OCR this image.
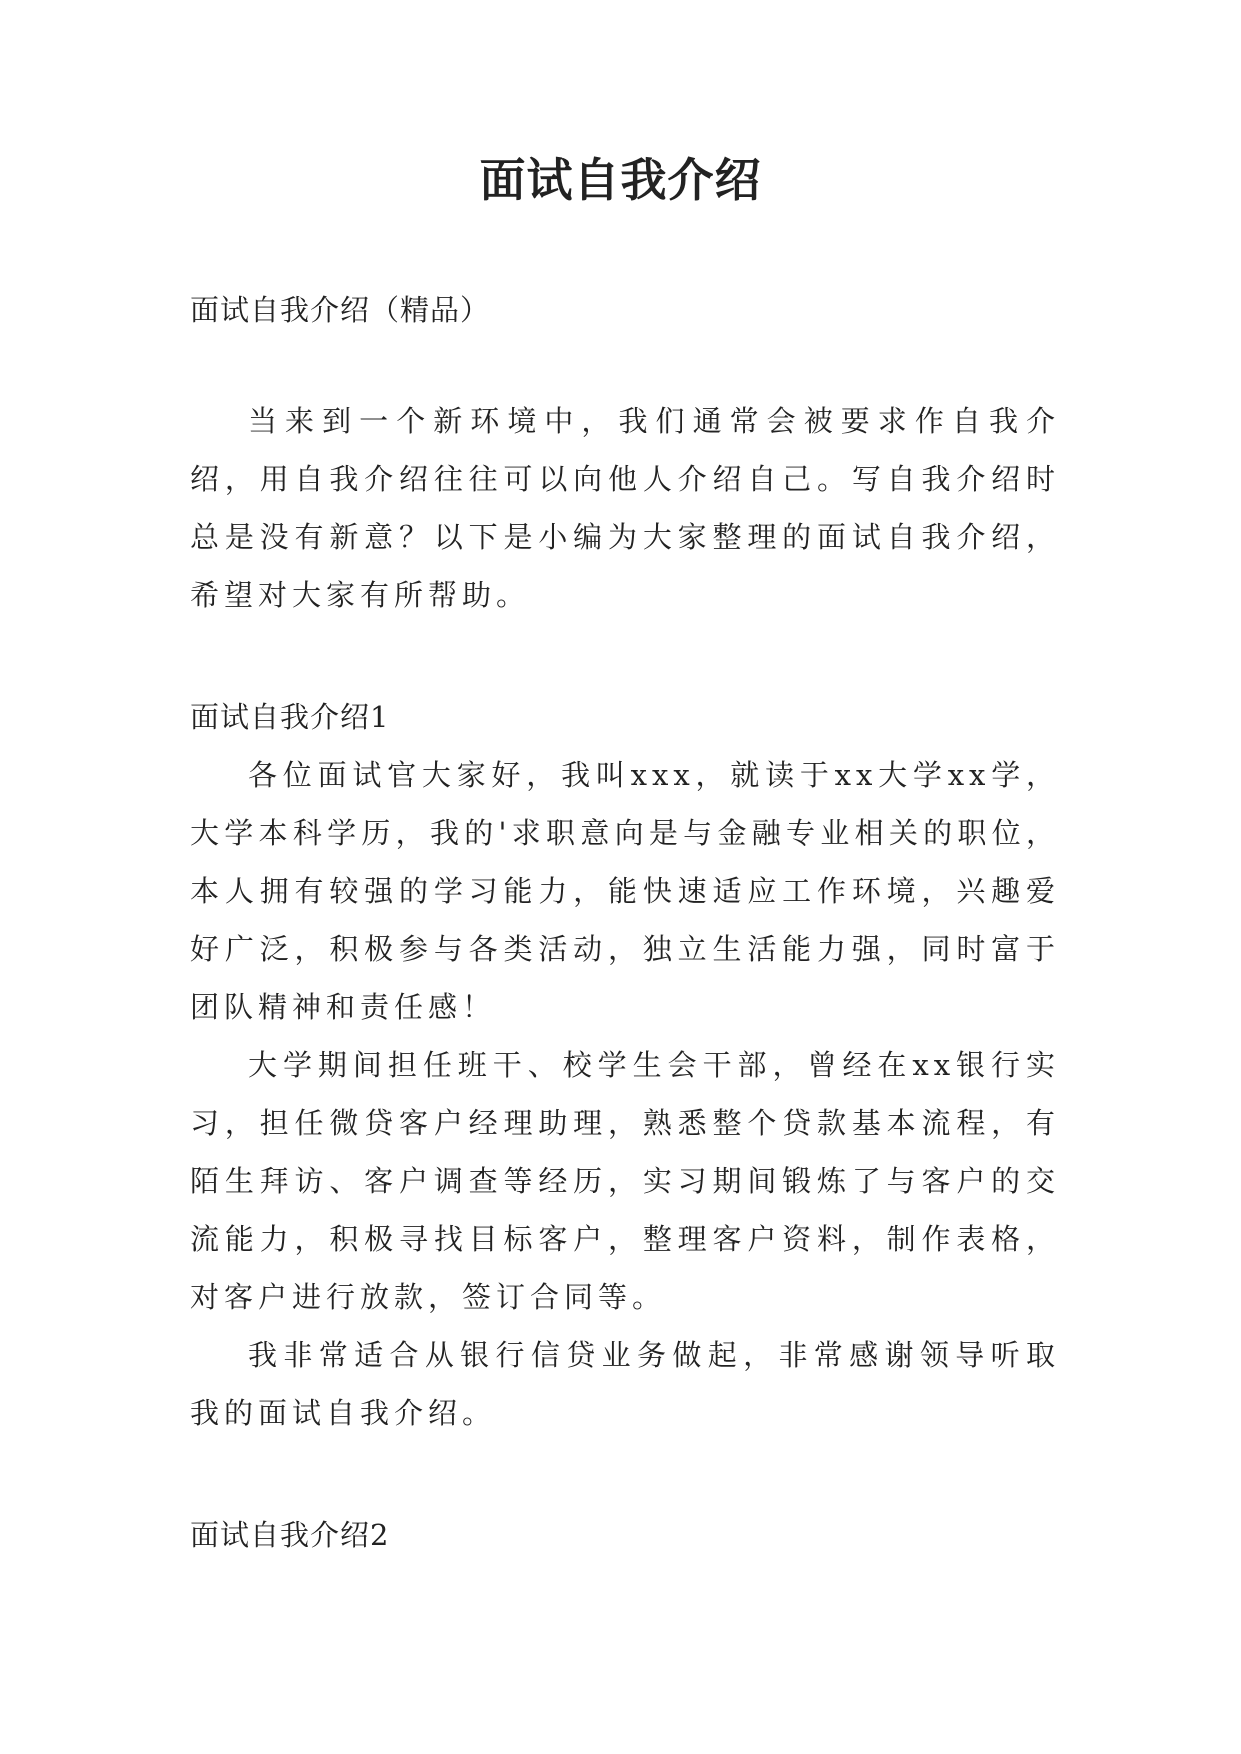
面试自我介绍

面试自我介绍（精品）

当来到一个新环境中，我们通常会被要求作自我介绍，用自我介绍往往可以向他人介绍自己。写自我介绍时总是没有新意？以下是小编为大家整理的面试自我介绍，希望对大家有所帮助。

面试自我介绍1

各位面试官大家好，我叫xxx，就读于xx大学xx学，大学本科学历，我的'求职意向是与金融专业相关的职位，本人拥有较强的学习能力，能快速适应工作环境，兴趣爱好广泛，积极参与各类活动，独立生活能力强，同时富于团队精神和责任感！

大学期间担任班干、校学生会干部，曾经在xx银行实习，担任微贷客户经理助理，熟悉整个贷款基本流程，有陌生拜访、客户调查等经历，实习期间锻炼了与客户的交流能力，积极寻找目标客户，整理客户资料，制作表格，对客户进行放款，签订合同等。

我非常适合从银行信贷业务做起，非常感谢领导听取我的面试自我介绍。

面试自我介绍2
